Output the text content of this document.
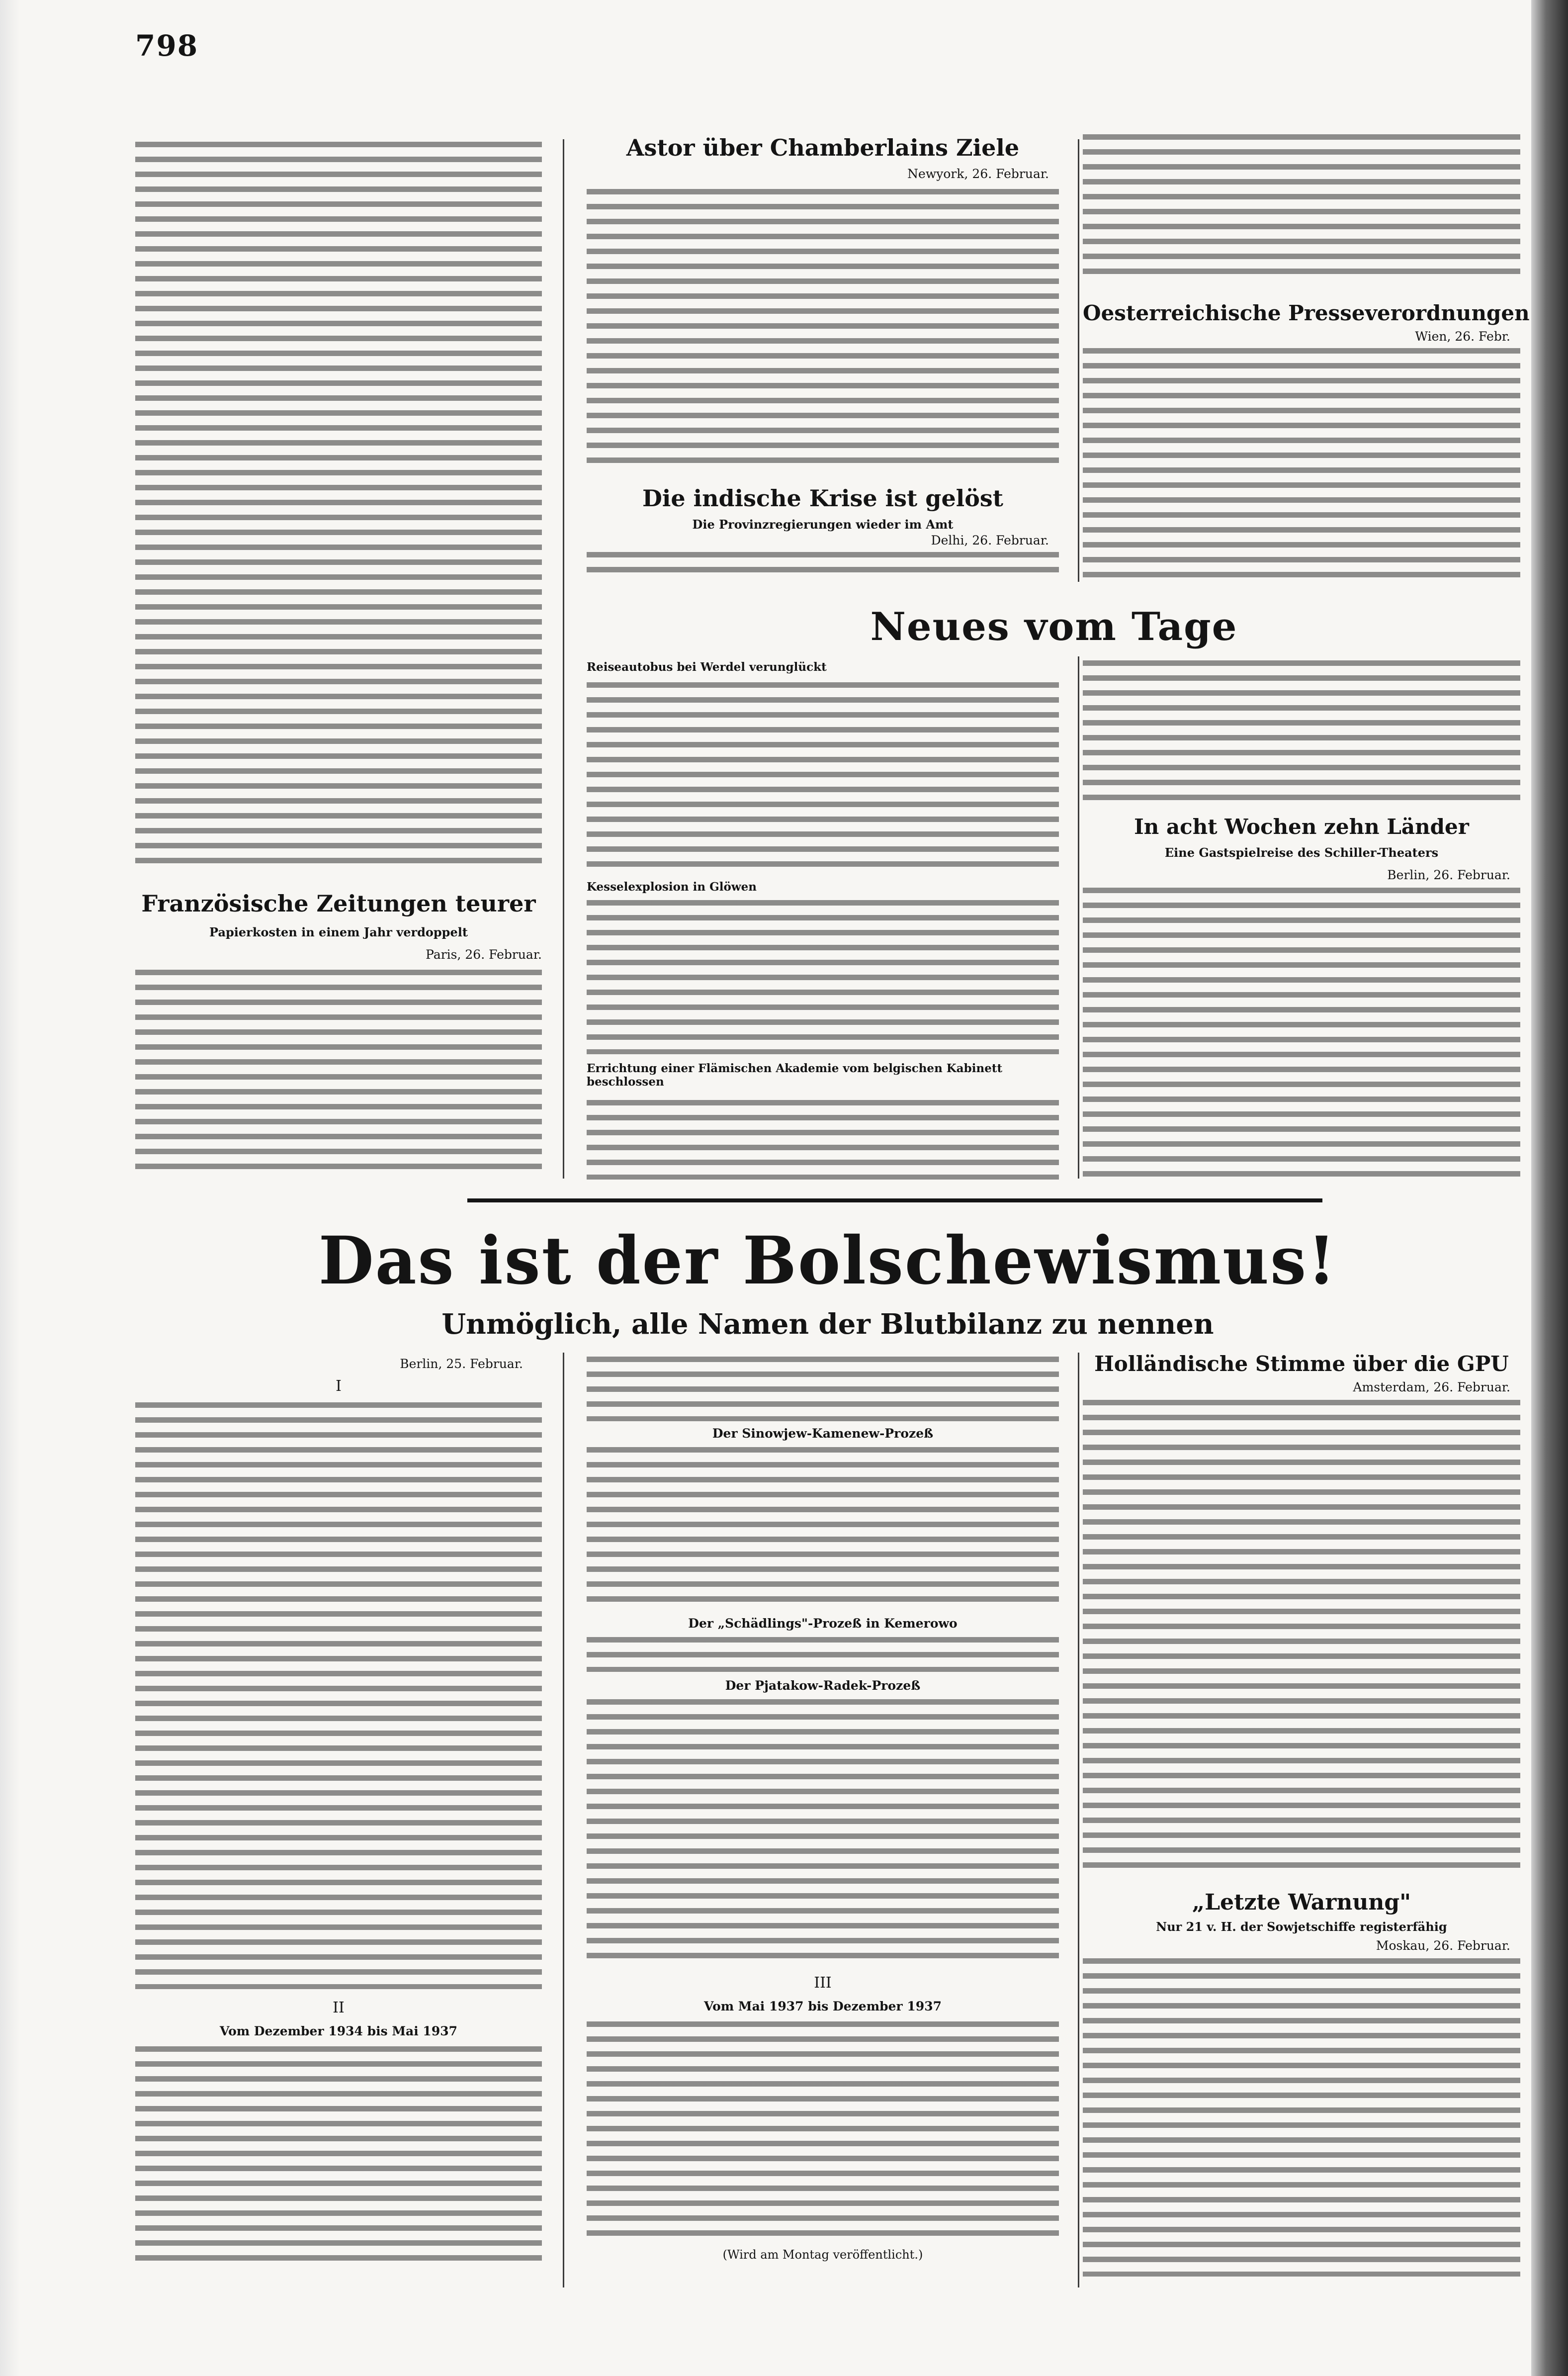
798
Französische Zeitungen teurer
Papierkosten in einem Jahr verdoppelt
Paris, 26. Februar.
Astor über Chamberlains Ziele
Newyork, 26. Februar.
Die indische Krise ist gelöst
Die Provinzregierungen wieder im Amt
Delhi, 26. Februar.
Oesterreichische Presseverordnungen
Wien, 26. Febr.
Neues vom Tage
Reiseautobus bei Werdel verunglückt
Kesselexplosion in Glöwen
Errichtung einer Flämischen Akademie vom belgischen Kabinett beschlossen
In acht Wochen zehn Länder
Eine Gastspielreise des Schiller-Theaters
Berlin, 26. Februar.
Das ist der Bolschewismus!
Unmöglich, alle Namen der Blutbilanz zu nennen
Berlin, 25. Februar.
I
II
Vom Dezember 1934 bis Mai 1937
Der Sinowjew-Kamenew-Prozeß
Der „Schädlings"-Prozeß in Kemerowo
Der Pjatakow-Radek-Prozeß
III
Vom Mai 1937 bis Dezember 1937
(Wird am Montag veröffentlicht.)
Holländische Stimme über die GPU
Amsterdam, 26. Februar.
„Letzte Warnung"
Nur 21 v. H. der Sowjetschiffe registerfähig
Moskau, 26. Februar.
